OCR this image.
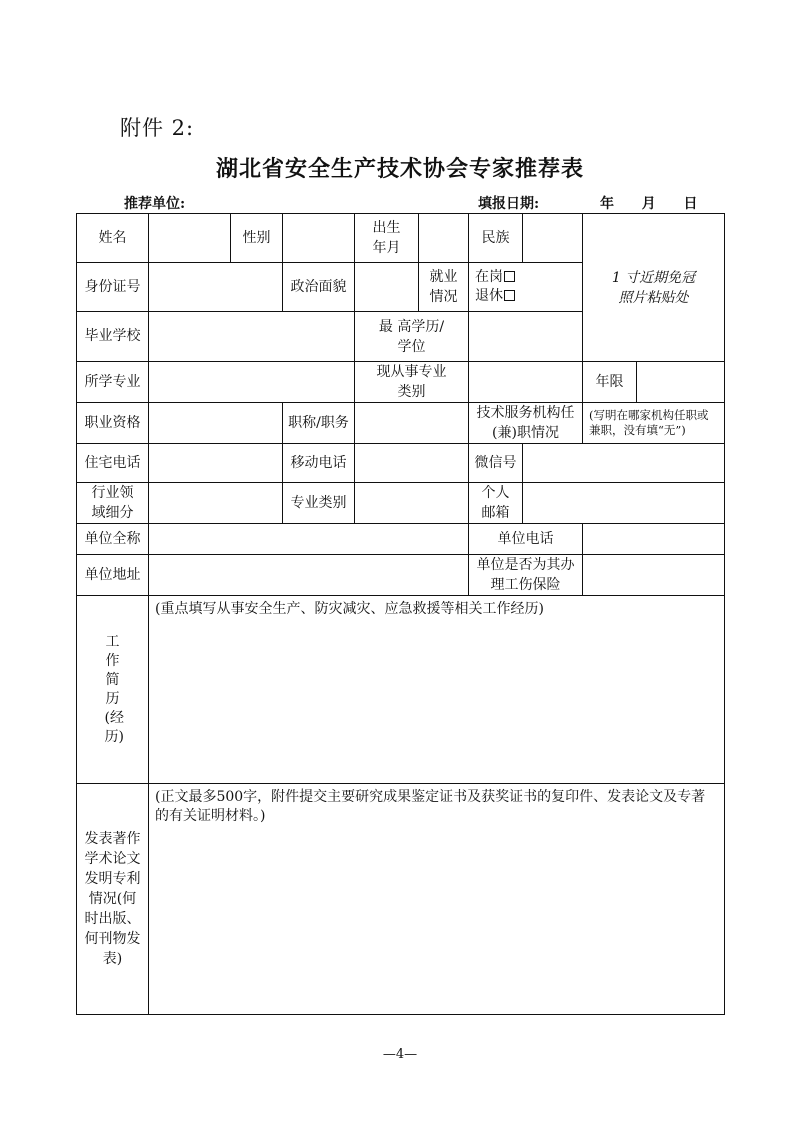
附件 2:
湖北省安全生产技术协会专家推荐表
推荐单位:	填报日期:	年 月 日
姓名		性别		出生年月		民族		1 寸近期免冠照片粘贴处	
身份证号			政治面貌		就业情况	在岗
退休			

毕业学校				最 高学历/学位					
所学专业				现从事专业类别				年限	
职业资格			职称/职务			技术服务机构任(兼)职情况		(写明在哪家机构任职或兼职，没有填“无”)	
住宅电话			移动电话			微信号			
行业领域细分			专业类别			个人邮箱			
单位全称						单位电话			
单位地址						单位是否为其办理工伤保险			
工作简历(经历)	(重点填写从事安全生产、防灾减灾、应急救援等相关工作经历)								
发表著作学术论文发明专利情况(何时出版、何刊物发表)	(正文最多500字，附件提交主要研究成果鉴定证书及获奖证书的复印件、发表论文及专著的有关证明材料。)								
—4—
